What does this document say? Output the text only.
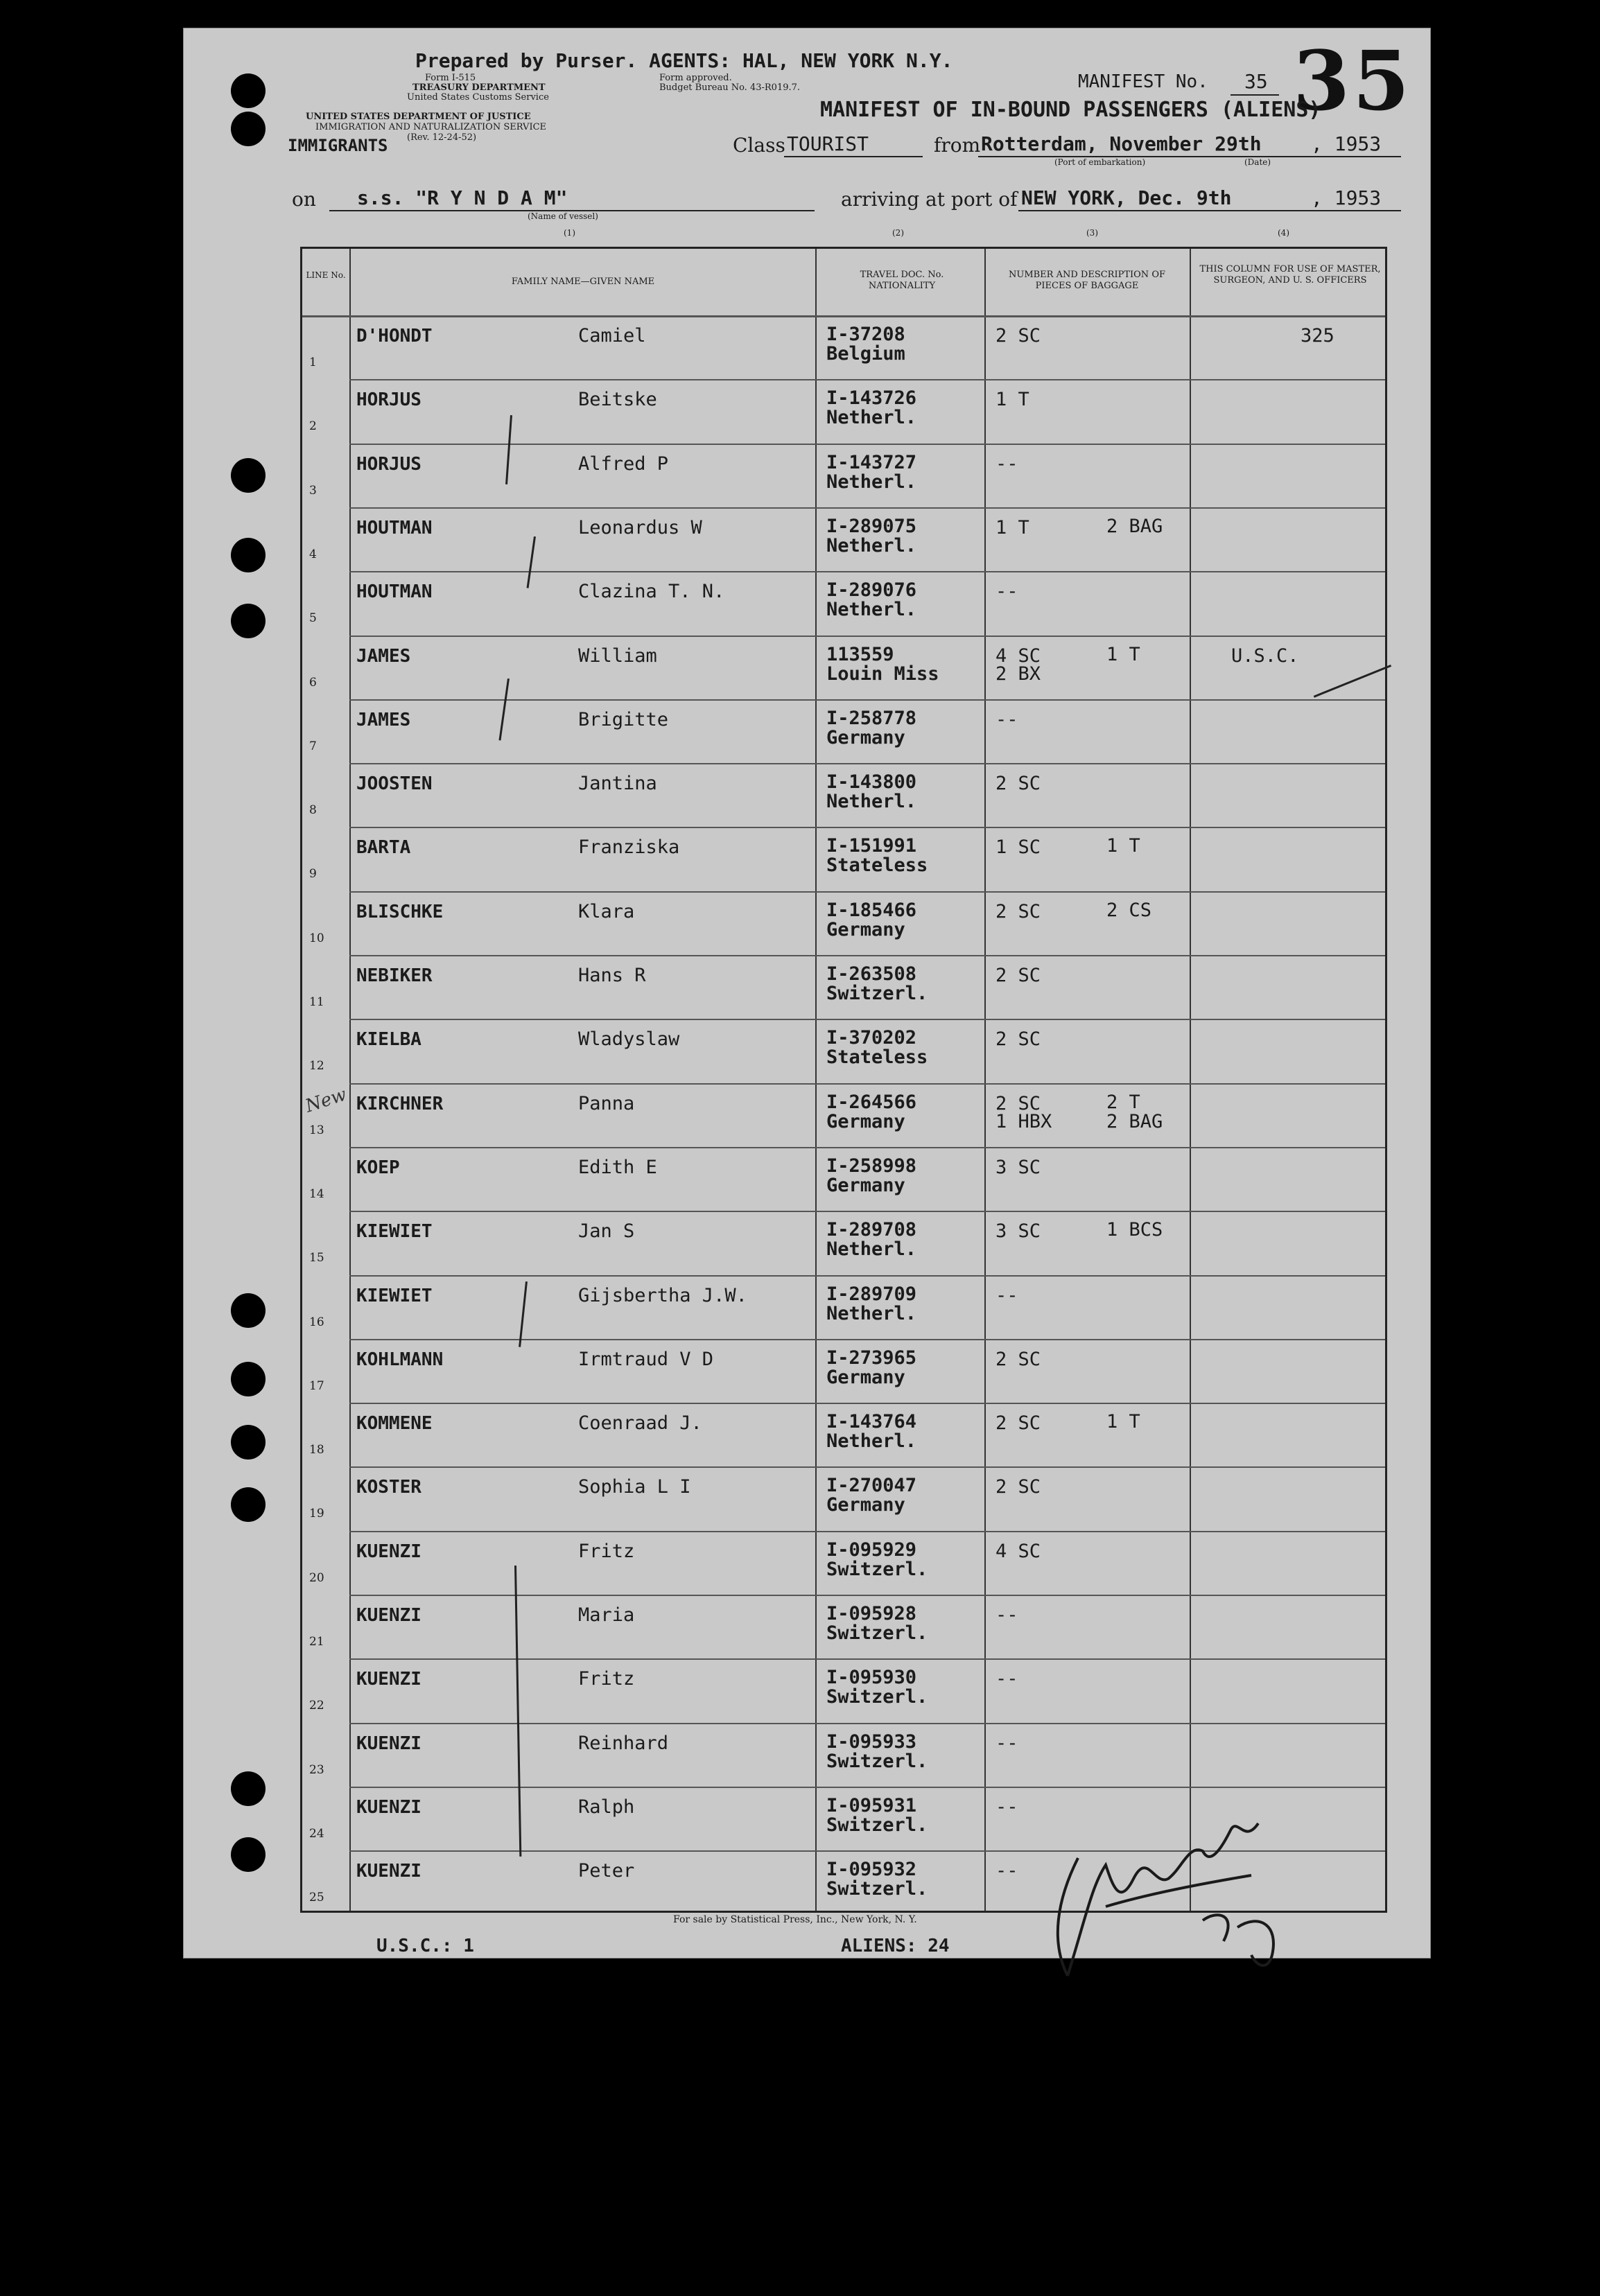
Prepared by Purser. AGENTS: HAL, NEW YORK N.Y.
Form I-515
TREASURY DEPARTMENT
United States Customs Service
Form approved.
Budget Bureau No. 43-R019.7.
UNITED STATES DEPARTMENT OF JUSTICE
IMMIGRATION AND NATURALIZATION SERVICE
IMMIGRANTS (Rev. 12-24-52)
MANIFEST No. 35 35
MANIFEST OF IN-BOUND PASSENGERS (ALIENS)
Class TOURIST	from Rotterdam, November 29th	, 1953
(Port of embarkation)	(Date)
on s.s. "R Y N D A M"
(Name of vessel)
arriving at port of NEW YORK, Dec. 9th	, 1953
(1)	(2)	(3)	(4)
LINE No.
FAMILY NAME—GIVEN NAME
TRAVEL DOC. No. NATIONALITY
NUMBER AND DESCRIPTION OF PIECES OF BAGGAGE
THIS COLUMN FOR USE OF MASTER, SURGEON, AND U. S. OFFICERS
1
D'HONDT	Camiel	I-37208
Belgium
2 SC	325
2
HORJUS	Beitske	I-143726
Netherl.
1 T
3
HORJUS	Alfred P	I-143727
Netherl.
--
4
HOUTMAN	Leonardus W	I-289075
Netherl.
1 T	2 BAG
5
HOUTMAN	Clazina T. N.	I-289076
Netherl.
--
6
JAMES	William	113559
Louin Miss
4 SC	1 T
2 BX
U.S.C.
7
JAMES	Brigitte	I-258778
Germany
--
8
JOOSTEN	Jantina	I-143800
Netherl.
2 SC
9
BARTA	Franziska	I-151991
Stateless
1 SC	1 T
10
BLISCHKE	Klara	I-185466
Germany
2 SC	2 CS
11
NEBIKER	Hans R	I-263508
Switzerl.
2 SC
12
KIELBA	Wladyslaw	I-370202
Stateless
2 SC
13
KIRCHNER	Panna	I-264566
Germany
2 SC	2 T
1 HBX	2 BAG
14
KOEP	Edith E	I-258998
Germany
3 SC
15
KIEWIET	Jan S	I-289708
Netherl.
3 SC	1 BCS
16
KIEWIET	Gijsbertha J.W.	I-289709
Netherl.
--
17
KOHLMANN	Irmtraud V D	I-273965
Germany
2 SC
18
KOMMENE	Coenraad J.	I-143764
Netherl.
2 SC	1 T
19
KOSTER	Sophia L I	I-270047
Germany
2 SC
20
KUENZI	Fritz	I-095929
Switzerl.
4 SC
21
KUENZI	Maria	I-095928
Switzerl.
--
22
KUENZI	Fritz	I-095930
Switzerl.
--
23
KUENZI	Reinhard	I-095933
Switzerl.
--
24
KUENZI	Ralph	I-095931
Switzerl.
--
25
KUENZI	Peter	I-095932
Switzerl.
--
New
For sale by Statistical Press, Inc., New York, N. Y.
U.S.C.: 1	ALIENS: 24
